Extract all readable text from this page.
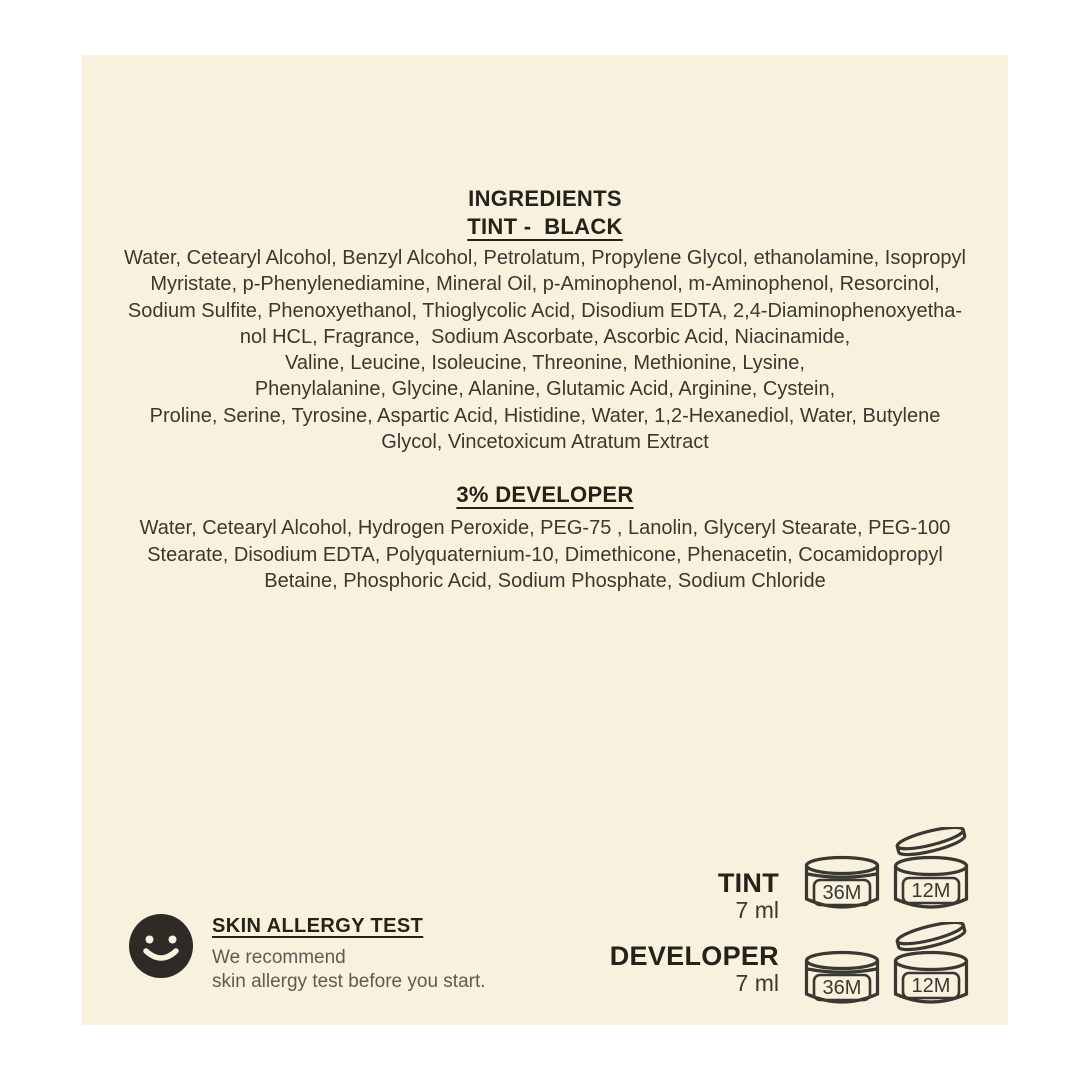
INGREDIENTS
TINT -  BLACK
Water, Cetearyl Alcohol, Benzyl Alcohol, Petrolatum, Propylene Glycol, ethanolamine, Isopropyl
Myristate, p-Phenylenediamine, Mineral Oil, p-Aminophenol, m-Aminophenol, Resorcinol,
Sodium Sulfite, Phenoxyethanol, Thioglycolic Acid, Disodium EDTA, 2,4-Diaminophenoxyetha-
nol HCL, Fragrance,  Sodium Ascorbate, Ascorbic Acid, Niacinamide,
Valine, Leucine, Isoleucine, Threonine, Methionine, Lysine,
Phenylalanine, Glycine, Alanine, Glutamic Acid, Arginine, Cystein,
Proline, Serine, Tyrosine, Aspartic Acid, Histidine, Water, 1,2-Hexanediol, Water, Butylene
Glycol, Vincetoxicum Atratum Extract
3% DEVELOPER
Water, Cetearyl Alcohol, Hydrogen Peroxide, PEG-75 , Lanolin, Glyceryl Stearate, PEG-100
Stearate, Disodium EDTA, Polyquaternium-10, Dimethicone, Phenacetin, Cocamidopropyl
Betaine, Phosphoric Acid, Sodium Phosphate, Sodium Chloride
SKIN ALLERGY TEST
We recommend
skin allergy test before you start.
TINT
7 ml
36M	12M
DEVELOPER
7 ml 36M	12M
